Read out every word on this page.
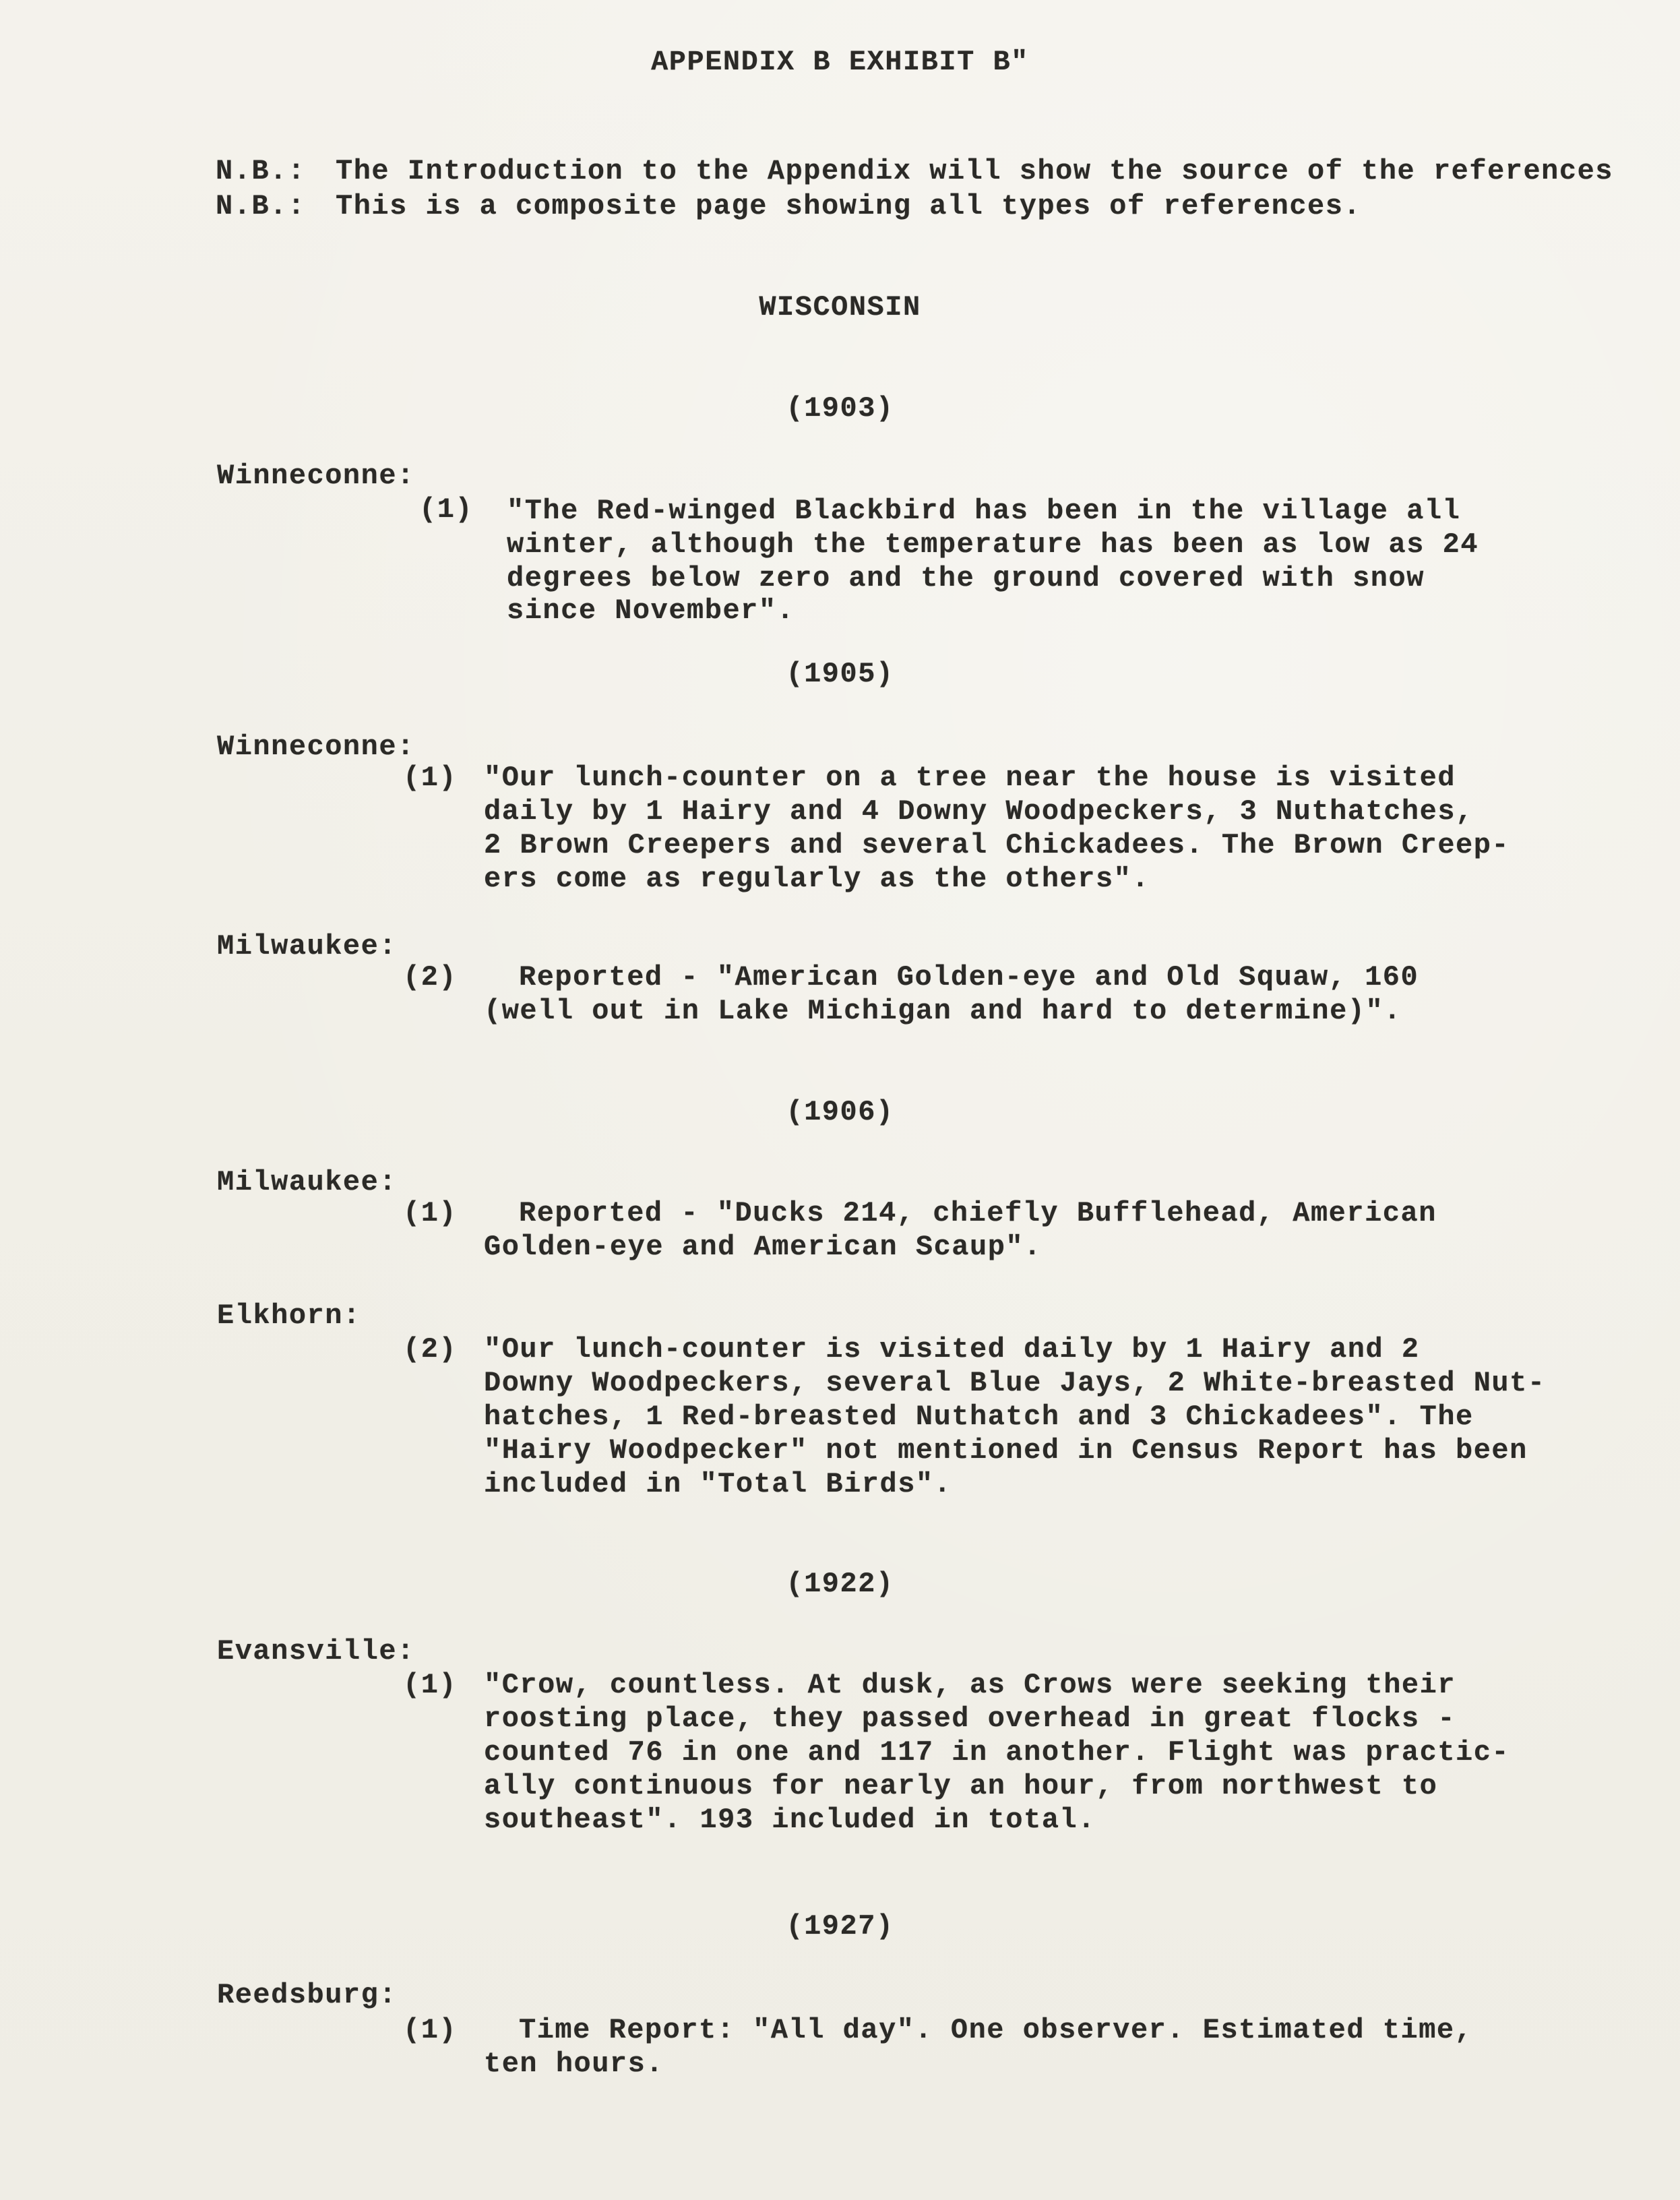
APPENDIX B EXHIBIT B"
N.B.: The Introduction to the Appendix will show the source of the references
N.B.: This is a composite page showing all types of references.
WISCONSIN
(1903)
Winneconne:
(1) "The Red-winged Blackbird has been in the village all
winter, although the temperature has been as low as 24
degrees below zero and the ground covered with snow
since November".
(1905)
Winneconne:
(1) "Our lunch-counter on a tree near the house is visited
daily by 1 Hairy and 4 Downy Woodpeckers, 3 Nuthatches,
2 Brown Creepers and several Chickadees. The Brown Creep-
ers come as regularly as the others".
Milwaukee:
(2) Reported - "American Golden-eye and Old Squaw, 160
(well out in Lake Michigan and hard to determine)".
(1906)
Milwaukee:
(1) Reported - "Ducks 214, chiefly Bufflehead, American
Golden-eye and American Scaup".
Elkhorn:
(2) "Our lunch-counter is visited daily by 1 Hairy and 2
Downy Woodpeckers, several Blue Jays, 2 White-breasted Nut-
hatches, 1 Red-breasted Nuthatch and 3 Chickadees". The
"Hairy Woodpecker" not mentioned in Census Report has been
included in "Total Birds".
(1922)
Evansville:
(1) "Crow, countless. At dusk, as Crows were seeking their
roosting place, they passed overhead in great flocks -
counted 76 in one and 117 in another. Flight was practic-
ally continuous for nearly an hour, from northwest to
southeast". 193 included in total.
(1927)
Reedsburg:
(1) Time Report: "All day". One observer. Estimated time,
ten hours.
